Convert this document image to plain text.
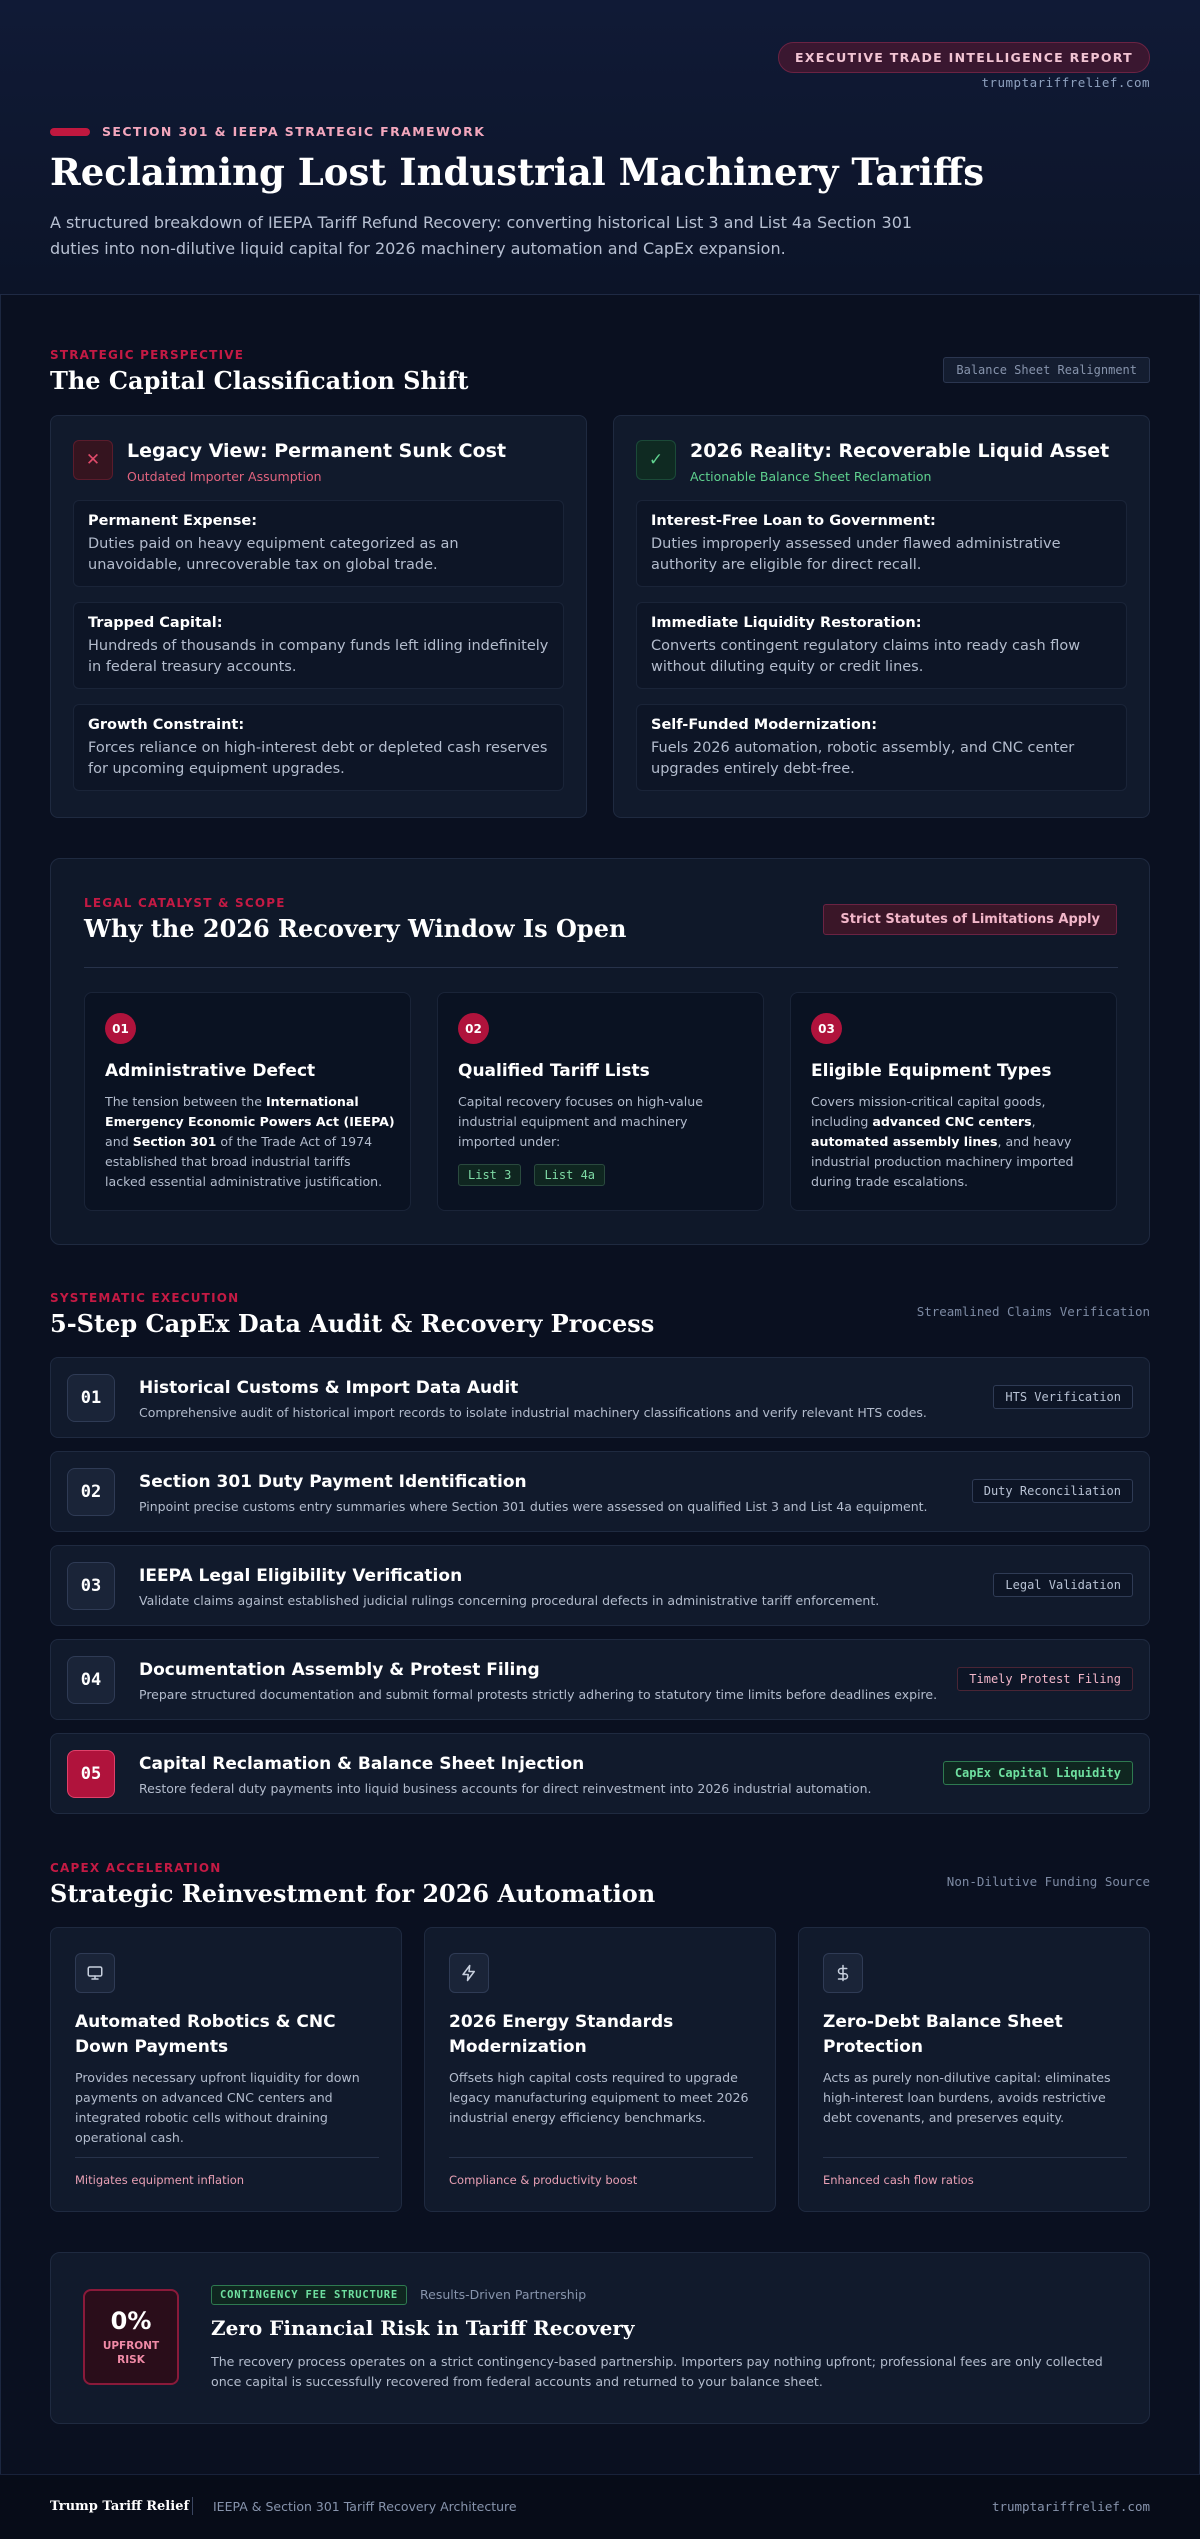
EXECUTIVE TRADE INTELLIGENCE REPORT
trumptariffrelief.com
SECTION 301 & IEEPA STRATEGIC FRAMEWORK
Reclaiming Lost Industrial Machinery Tariffs

A structured breakdown of IEEPA Tariff Refund Recovery: converting historical List 3 and List 4a Section 301 duties into non-dilutive liquid capital for 2026 machinery automation and CapEx expansion.

STRATEGIC PERSPECTIVE
The Capital Classification Shift	Balance Sheet Realignment
✕	Legacy View: Permanent Sunk Cost
Outdated Importer Assumption
Permanent Expense:
Duties paid on heavy equipment categorized as an unavoidable, unrecoverable tax on global trade.
Trapped Capital:
Hundreds of thousands in company funds left idling indefinitely in federal treasury accounts.
Growth Constraint:
Forces reliance on high-interest debt or depleted cash reserves for upcoming equipment upgrades.
✓	2026 Reality: Recoverable Liquid Asset
Actionable Balance Sheet Reclamation
Interest-Free Loan to Government:
Duties improperly assessed under flawed administrative authority are eligible for direct recall.
Immediate Liquidity Restoration:
Converts contingent regulatory claims into ready cash flow without diluting equity or credit lines.
Self-Funded Modernization:
Fuels 2026 automation, robotic assembly, and CNC center upgrades entirely debt-free.
LEGAL CATALYST & SCOPE
Why the 2026 Recovery Window Is Open	Strict Statutes of Limitations Apply
01
Administrative Defect
The tension between the International Emergency Economic Powers Act (IEEPA) and Section 301 of the Trade Act of 1974 established that broad industrial tariffs lacked essential administrative justification.
02
Qualified Tariff Lists
Capital recovery focuses on high-value industrial equipment and machinery imported under:
List 3	List 4a
03
Eligible Equipment Types
Covers mission-critical capital goods, including advanced CNC centers, automated assembly lines, and heavy industrial production machinery imported during trade escalations.
SYSTEMATIC EXECUTION
5-Step CapEx Data Audit & Recovery Process	Streamlined Claims Verification
01	Historical Customs & Import Data Audit
Comprehensive audit of historical import records to isolate industrial machinery classifications and verify relevant HTS codes.
HTS Verification
02	Section 301 Duty Payment Identification
Pinpoint precise customs entry summaries where Section 301 duties were assessed on qualified List 3 and List 4a equipment.
Duty Reconciliation
03	IEEPA Legal Eligibility Verification
Validate claims against established judicial rulings concerning procedural defects in administrative tariff enforcement.
Legal Validation
04	Documentation Assembly & Protest Filing
Prepare structured documentation and submit formal protests strictly adhering to statutory time limits before deadlines expire.
Timely Protest Filing
05	Capital Reclamation & Balance Sheet Injection
Restore federal duty payments into liquid business accounts for direct reinvestment into 2026 industrial automation.
CapEx Capital Liquidity
CAPEX ACCELERATION
Strategic Reinvestment for 2026 Automation	Non-Dilutive Funding Source
Automated Robotics & CNC Down Payments
Provides necessary upfront liquidity for down payments on advanced CNC centers and integrated robotic cells without draining operational cash.
Mitigates equipment inflation
2026 Energy Standards Modernization
Offsets high capital costs required to upgrade legacy manufacturing equipment to meet 2026 industrial energy efficiency benchmarks.
Compliance & productivity boost
Zero-Debt Balance Sheet Protection
Acts as purely non-dilutive capital: eliminates high-interest loan burdens, avoids restrictive debt covenants, and preserves equity.
Enhanced cash flow ratios
0%
UPFRONT RISK
CONTINGENCY FEE STRUCTURE	Results-Driven Partnership
Zero Financial Risk in Tariff Recovery
The recovery process operates on a strict contingency-based partnership. Importers pay nothing upfront; professional fees are only collected once capital is successfully recovered from federal accounts and returned to your balance sheet.
Trump Tariff Relief IEEPA & Section 301 Tariff Recovery Architecture	trumptariffrelief.com
